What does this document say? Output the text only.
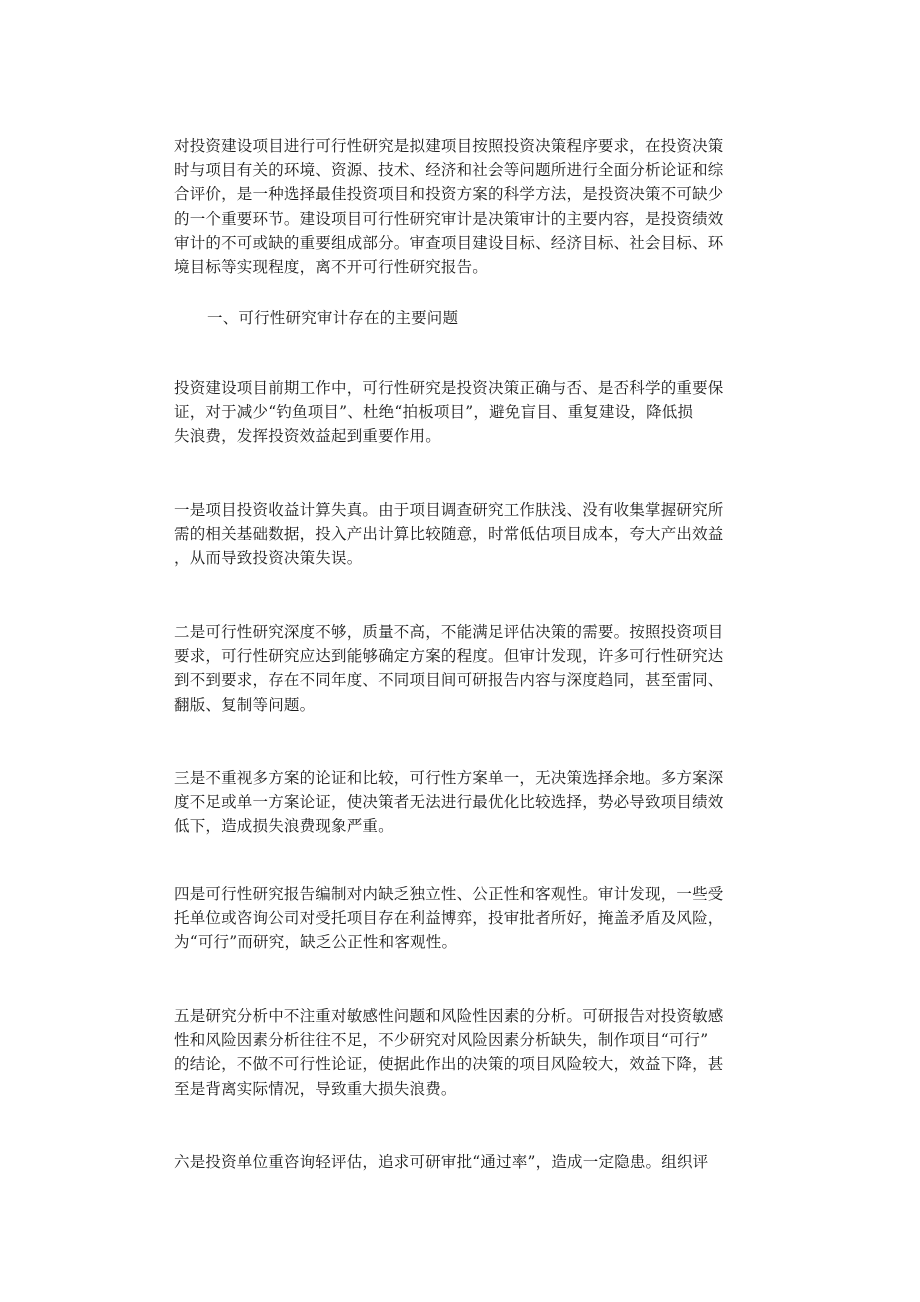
对投资建设项目进行可行性研究是拟建项目按照投资决策程序要求，在投资决策
时与项目有关的环境、资源、技术、经济和社会等问题所进行全面分析论证和综
合评价，是一种选择最佳投资项目和投资方案的科学方法，是投资决策不可缺少
的一个重要环节。建设项目可行性研究审计是决策审计的主要内容，是投资绩效
审计的不可或缺的重要组成部分。审查项目建设目标、经济目标、社会目标、环
境目标等实现程度，离不开可行性研究报告。
一、可行性研究审计存在的主要问题
投资建设项目前期工作中，可行性研究是投资决策正确与否、是否科学的重要保
证，对于减少“钓鱼项目”、杜绝“拍板项目”，避免盲目、重复建设，降低损
失浪费，发挥投资效益起到重要作用。
一是项目投资收益计算失真。由于项目调查研究工作肤浅、没有收集掌握研究所
需的相关基础数据，投入产出计算比较随意，时常低估项目成本，夸大产出效益
，从而导致投资决策失误。
二是可行性研究深度不够，质量不高，不能满足评估决策的需要。按照投资项目
要求，可行性研究应达到能够确定方案的程度。但审计发现，许多可行性研究达
到不到要求，存在不同年度、不同项目间可研报告内容与深度趋同，甚至雷同、
翻版、复制等问题。
三是不重视多方案的论证和比较，可行性方案单一，无决策选择余地。多方案深
度不足或单一方案论证，使决策者无法进行最优化比较选择，势必导致项目绩效
低下，造成损失浪费现象严重。
四是可行性研究报告编制对内缺乏独立性、公正性和客观性。审计发现，一些受
托单位或咨询公司对受托项目存在利益博弈，投审批者所好，掩盖矛盾及风险，
为“可行”而研究，缺乏公正性和客观性。
五是研究分析中不注重对敏感性问题和风险性因素的分析。可研报告对投资敏感
性和风险因素分析往往不足，不少研究对风险因素分析缺失，制作项目“可行”
的结论，不做不可行性论证，使据此作出的决策的项目风险较大，效益下降，甚
至是背离实际情况，导致重大损失浪费。
六是投资单位重咨询轻评估，追求可研审批“通过率”，造成一定隐患。组织评
